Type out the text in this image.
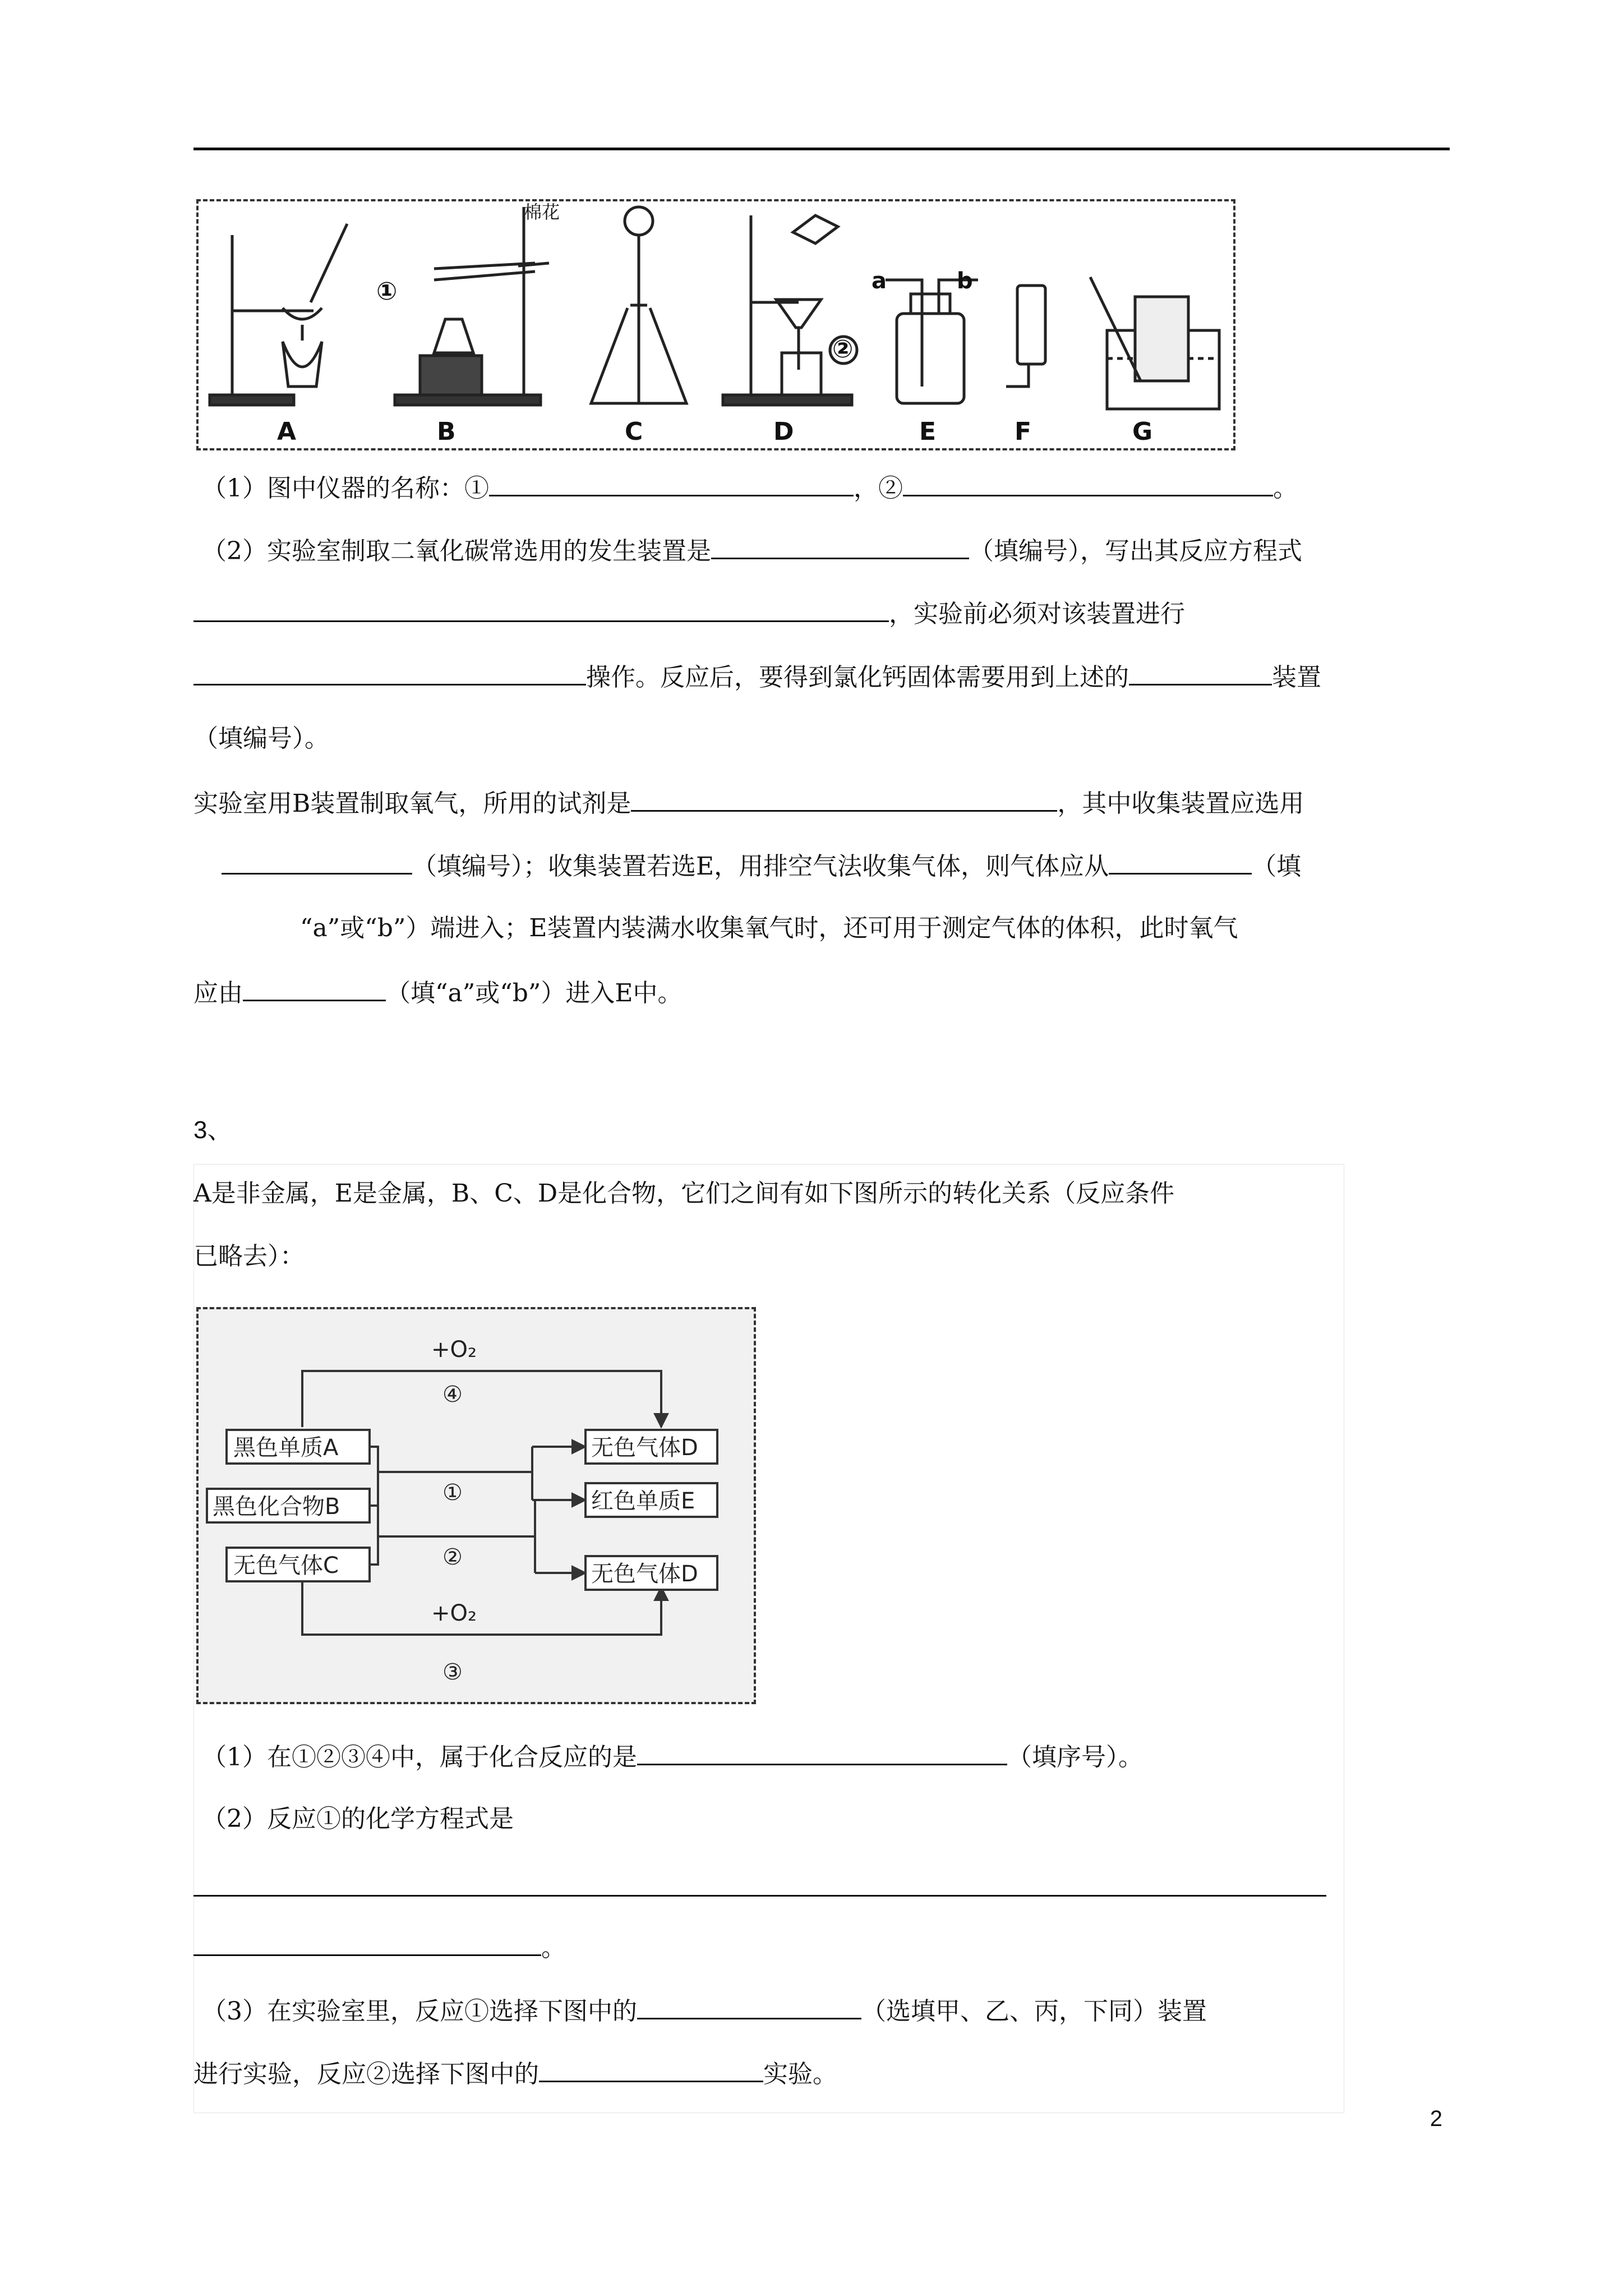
①
②
棉花
a	b
A	B	C	D	E	F	G
（1）图中仪器的名称：①	，②	。
（2）实验室制取二氧化碳常选用的发生装置是	（填编号），写出其反应方程式
，实验前必须对该装置进行
操作。反应后，要得到氯化钙固体需要用到上述的	装置
（填编号）。
实验室用B装置制取氧气，所用的试剂是	，其中收集装置应选用
（填编号）；收集装置若选E，用排空气法收集气体，则气体应从	（填
“a”或“b”）端进入；E装置内装满水收集氧气时，还可用于测定气体的体积，此时氧气
应由	（填“a”或“b”）进入E中。
3、
A是非金属，E是金属，B、C、D是化合物，它们之间有如下图所示的转化关系（反应条件
已略去）：
黑色单质A
黑色化合物B
无色气体C
无色气体D
红色单质E
无色气体D
+O₂
+O₂
④
①
②
③
（1）在①②③④中，属于化合反应的是	（填序号）。
（2）反应①的化学方程式是
。
（3）在实验室里，反应①选择下图中的	（选填甲、乙、丙，下同）装置
进行实验，反应②选择下图中的	实验。
2
